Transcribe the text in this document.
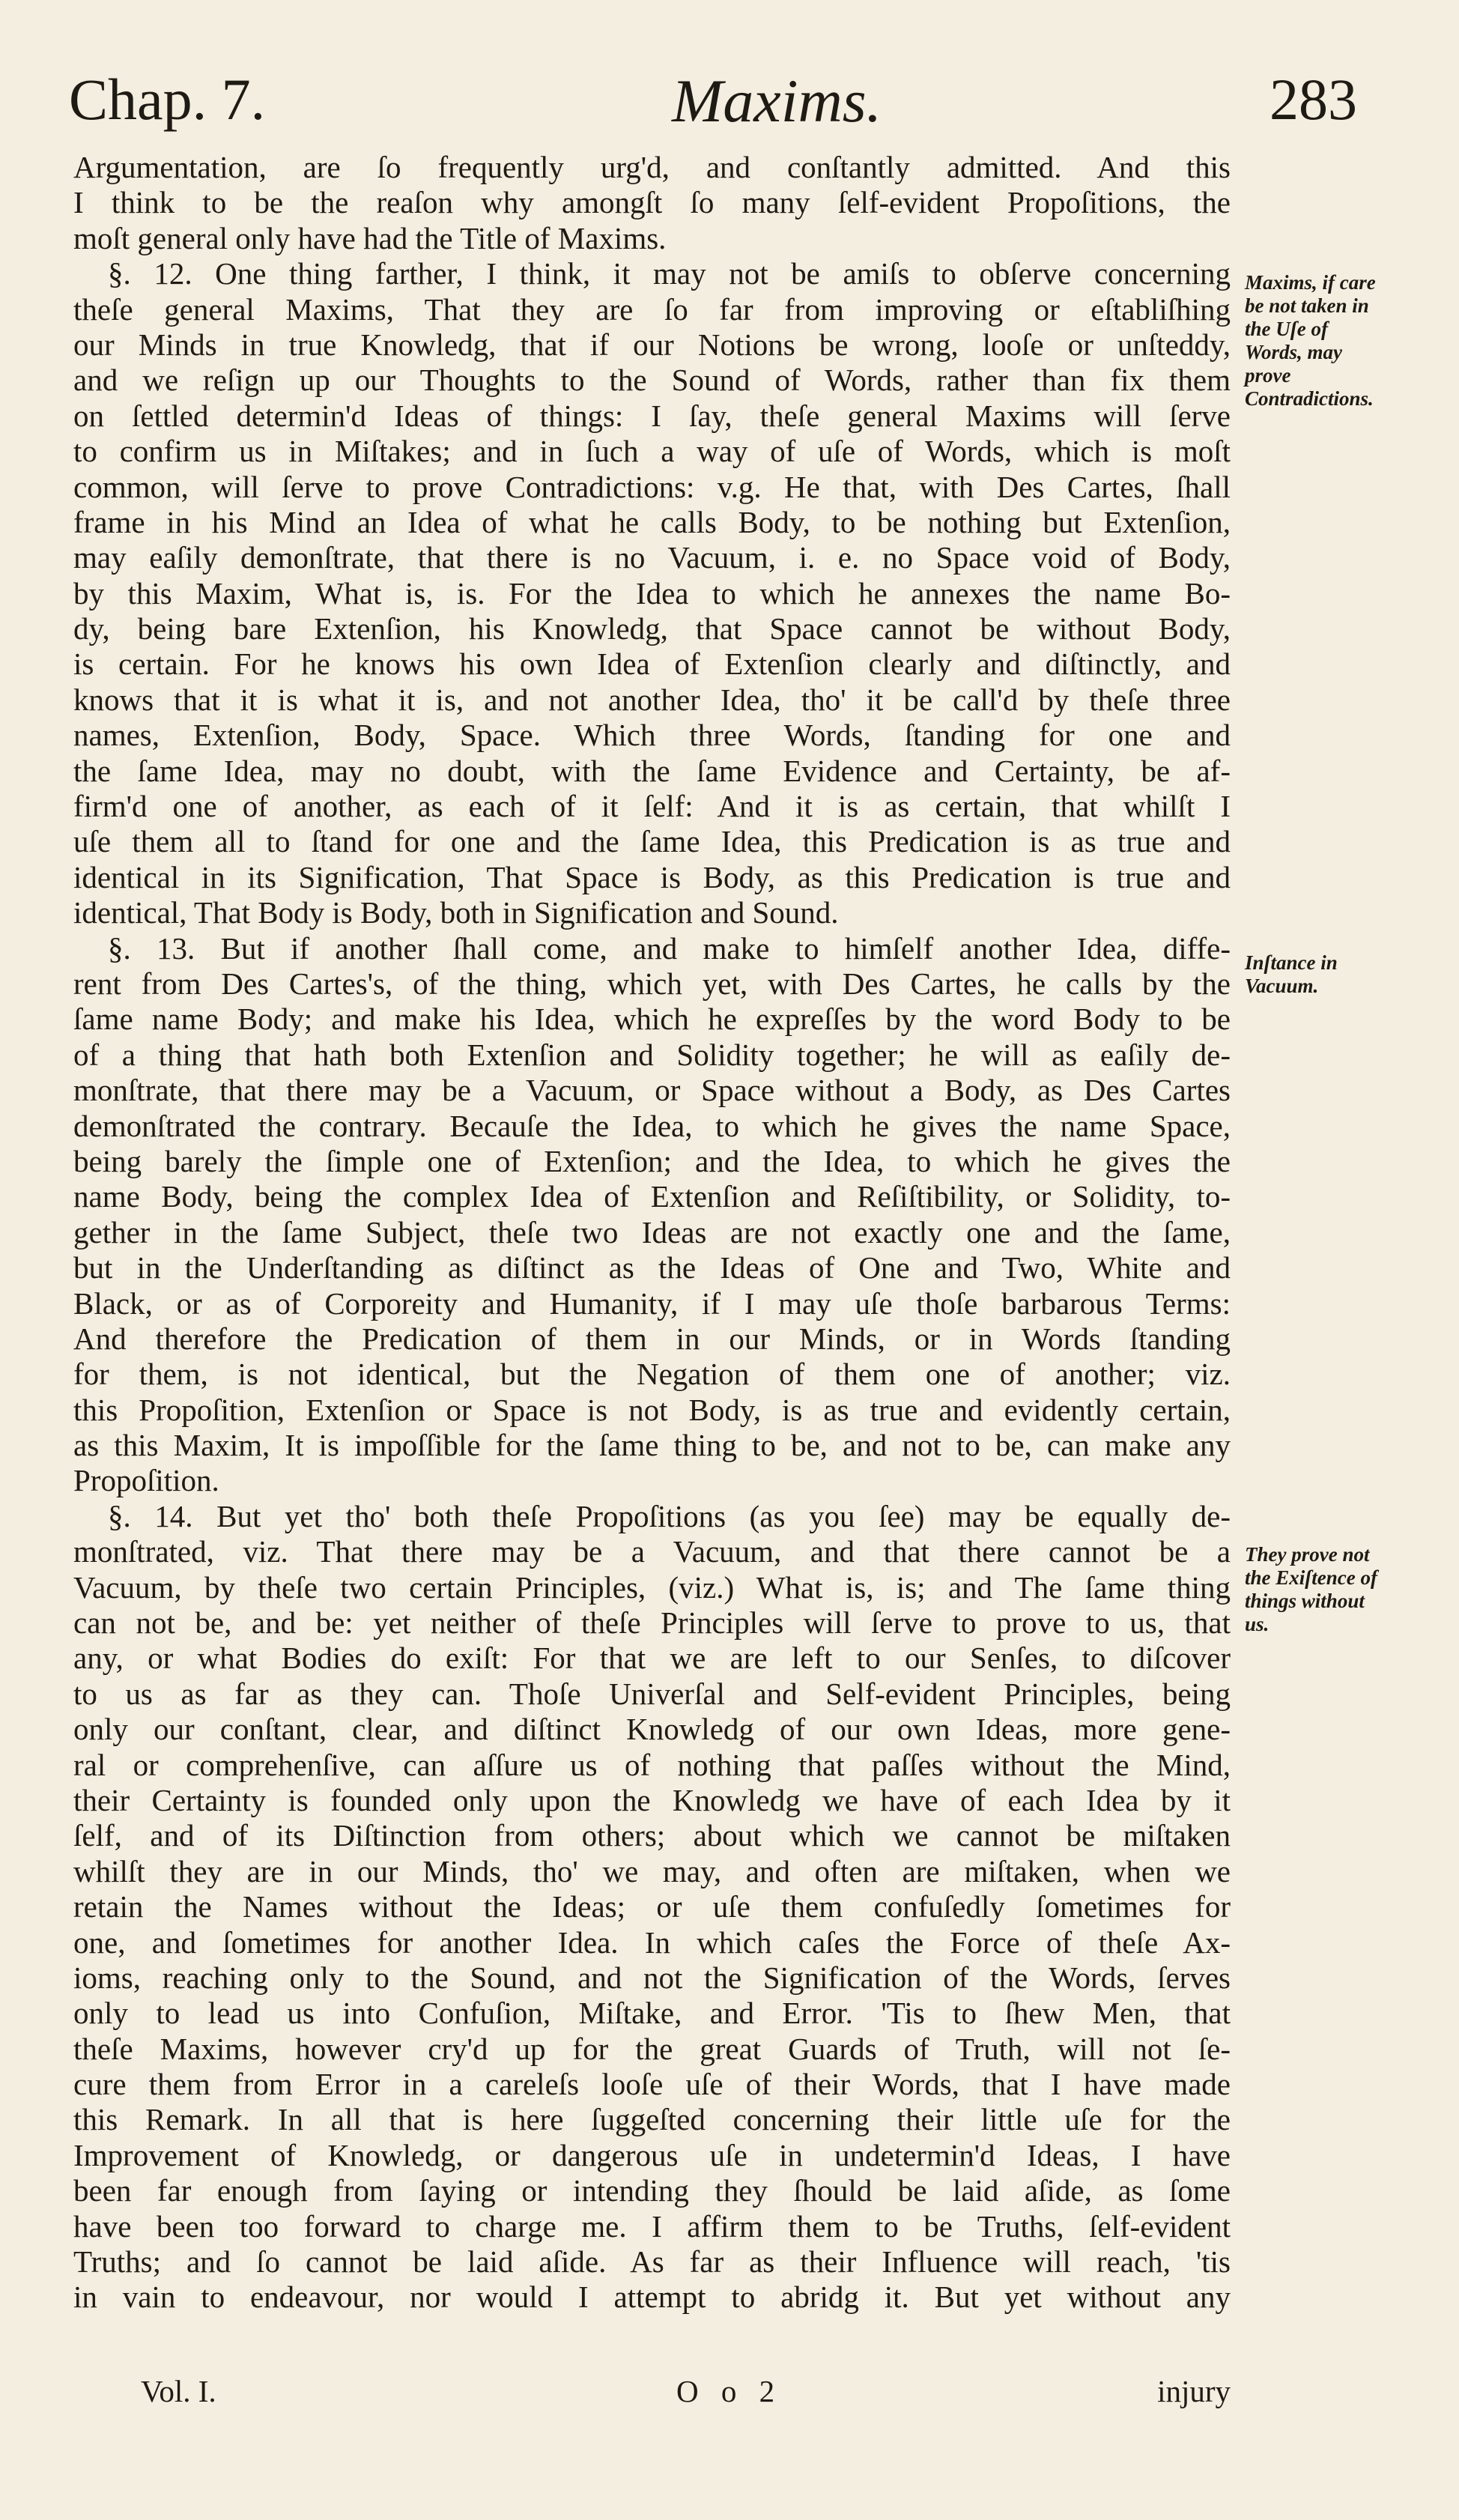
Chap. 7.	Maxims.	283
Argumentation, are ſo frequently urg'd, and conſtantly admitted. And this
I think to be the reaſon why amongſt ſo many ſelf-evident Propoſitions, the
moſt general only have had the Title of Maxims.
§. 12. One thing farther, I think, it may not be amiſs to obſerve concerning
theſe general Maxims, That they are ſo far from improving or eſtabliſhing
our Minds in true Knowledg, that if our Notions be wrong, looſe or unſteddy,
and we reſign up our Thoughts to the Sound of Words, rather than fix them
on ſettled determin'd Ideas of things: I ſay, theſe general Maxims will ſerve
to confirm us in Miſtakes; and in ſuch a way of uſe of Words, which is moſt
common, will ſerve to prove Contradictions: v.g. He that, with Des Cartes, ſhall
frame in his Mind an Idea of what he calls Body, to be nothing but Extenſion,
may eaſily demonſtrate, that there is no Vacuum, i. e. no Space void of Body,
by this Maxim, What is, is. For the Idea to which he annexes the name Bo-
dy, being bare Extenſion, his Knowledg, that Space cannot be without Body,
is certain. For he knows his own Idea of Extenſion clearly and diſtinctly, and
knows that it is what it is, and not another Idea, tho' it be call'd by theſe three
names, Extenſion, Body, Space. Which three Words, ſtanding for one and
the ſame Idea, may no doubt, with the ſame Evidence and Certainty, be af-
firm'd one of another, as each of it ſelf: And it is as certain, that whilſt I
uſe them all to ſtand for one and the ſame Idea, this Predication is as true and
identical in its Signification, That Space is Body, as this Predication is true and
identical, That Body is Body, both in Signification and Sound.
§. 13. But if another ſhall come, and make to himſelf another Idea, diffe-
rent from Des Cartes's, of the thing, which yet, with Des Cartes, he calls by the
ſame name Body; and make his Idea, which he expreſſes by the word Body to be
of a thing that hath both Extenſion and Solidity together; he will as eaſily de-
monſtrate, that there may be a Vacuum, or Space without a Body, as Des Cartes
demonſtrated the contrary. Becauſe the Idea, to which he gives the name Space,
being barely the ſimple one of Extenſion; and the Idea, to which he gives the
name Body, being the complex Idea of Extenſion and Reſiſtibility, or Solidity, to-
gether in the ſame Subject, theſe two Ideas are not exactly one and the ſame,
but in the Underſtanding as diſtinct as the Ideas of One and Two, White and
Black, or as of Corporeity and Humanity, if I may uſe thoſe barbarous Terms:
And therefore the Predication of them in our Minds, or in Words ſtanding
for them, is not identical, but the Negation of them one of another; viz.
this Propoſition, Extenſion or Space is not Body, is as true and evidently certain,
as this Maxim, It is impoſſible for the ſame thing to be, and not to be, can make any
Propoſition.
§. 14. But yet tho' both theſe Propoſitions (as you ſee) may be equally de-
monſtrated, viz. That there may be a Vacuum, and that there cannot be a
Vacuum, by theſe two certain Principles, (viz.) What is, is; and The ſame thing
can not be, and be: yet neither of theſe Principles will ſerve to prove to us, that
any, or what Bodies do exiſt: For that we are left to our Senſes, to diſcover
to us as far as they can. Thoſe Univerſal and Self-evident Principles, being
only our conſtant, clear, and diſtinct Knowledg of our own Ideas, more gene-
ral or comprehenſive, can aſſure us of nothing that paſſes without the Mind,
their Certainty is founded only upon the Knowledg we have of each Idea by it
ſelf, and of its Diſtinction from others; about which we cannot be miſtaken
whilſt they are in our Minds, tho' we may, and often are miſtaken, when we
retain the Names without the Ideas; or uſe them confuſedly ſometimes for
one, and ſometimes for another Idea. In which caſes the Force of theſe Ax-
ioms, reaching only to the Sound, and not the Signification of the Words, ſerves
only to lead us into Confuſion, Miſtake, and Error. 'Tis to ſhew Men, that
theſe Maxims, however cry'd up for the great Guards of Truth, will not ſe-
cure them from Error in a careleſs looſe uſe of their Words, that I have made
this Remark. In all that is here ſuggeſted concerning their little uſe for the
Improvement of Knowledg, or dangerous uſe in undetermin'd Ideas, I have
been far enough from ſaying or intending they ſhould be laid aſide, as ſome
have been too forward to charge me. I affirm them to be Truths, ſelf-evident
Truths; and ſo cannot be laid aſide. As far as their Influence will reach, 'tis
in vain to endeavour, nor would I attempt to abridg it. But yet without any
Maxims, if care be not taken in the Uſe of Words, may prove Contradictions.
Inſtance in Vacuum.
They prove not the Exiſtence of things without us.
Vol. I.	O o 2	injury
